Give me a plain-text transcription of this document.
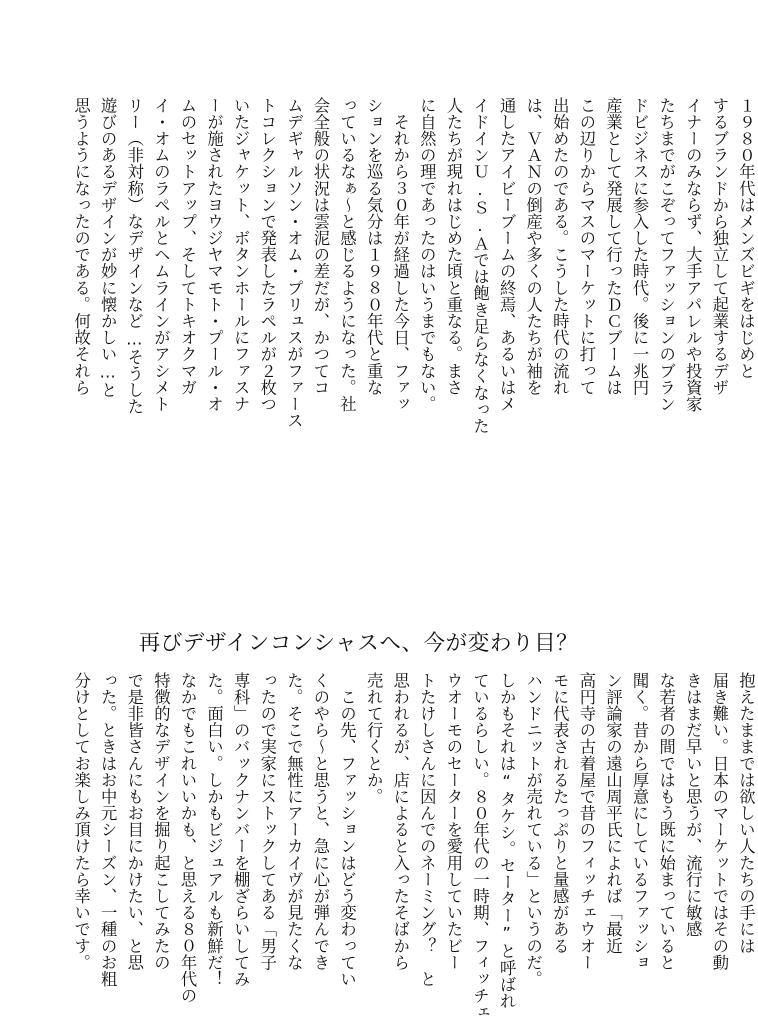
１９８０年代はメンズビギをはじめと
するブランドから独立して起業するデザ
イナーのみならず、大手アパレルや投資家
たちまでがこぞってファッションのブラン
ドビジネスに参入した時代。後に一兆円
産業として発展して行ったＤＣブームは
この辺りからマスのマーケットに打って
出始めたのである。こうした時代の流れ
は、ＶＡＮの倒産や多くの人たちが袖を
通したアイビーブームの終焉、あるいはメ
イドインＵ.Ｓ.Ａでは飽き足らなくなった
人たちが現れはじめた頃と重なる。まさ
に自然の理であったのはいうまでもない。
　それから３０年が経過した今日、ファッ
ションを巡る気分は１９８０年代と重な
っているなぁ〜と感じるようになった。社
会全般の状況は雲泥の差だが、かつてコ
ムデギャルソン・オム・プリュスがファース
トコレクションで発表したラペルが２枚つ
いたジャケット、ボタンホールにファスナ
ーが施されたヨウジヤマモト・プール・オ
ムのセットアップ、そしてトキオクマガ
イ・オムのラペルとヘムラインがアシメト
リー（非対称）なデザインなど…そうした
遊びのあるデザインが妙に懐かしい…と
思うようになったのである。何故それら
抱えたままでは欲しい人たちの手には
届き難い。日本のマーケットではその動
きはまだ早いと思うが、流行に敏感
な若者の間ではもう既に始まっていると
聞く。昔から厚意にしているファッショ
ン評論家の遠山周平氏によれば「最近
高円寺の古着屋で昔のフィッチェウオー
モに代表されるたっぷりと量感がある
ハンドニットが売れている」というのだ。
しかもそれは“タケシ。セーター”と呼ばれ
ているらしい。８０年代の一時期、フィッチェ
ウオーモのセーターを愛用していたビー
トたけしさんに因んでのネーミング？　と
思われるが、店によると入ったそばから
売れて行くとか。
　この先、ファッションはどう変わってい
くのやら〜と思うと、急に心が弾んでき
た。そこで無性にアーカイヴが見たくな
ったので実家にストックしてある「男子
専科」のバックナンバーを棚ざらいしてみ
た。面白い。しかもビジュアルも新鮮だ！
なかでもこれいいかも、と思える８０年代の
特徴的なデザインを掘り起こしてみたの
で是非皆さんにもお目にかけたい、と思
った。ときはお中元シーズン、一種のお粗
分けとしてお楽しみ頂けたら幸いです。
再びデザインコンシャスへ、今が変わり目？
